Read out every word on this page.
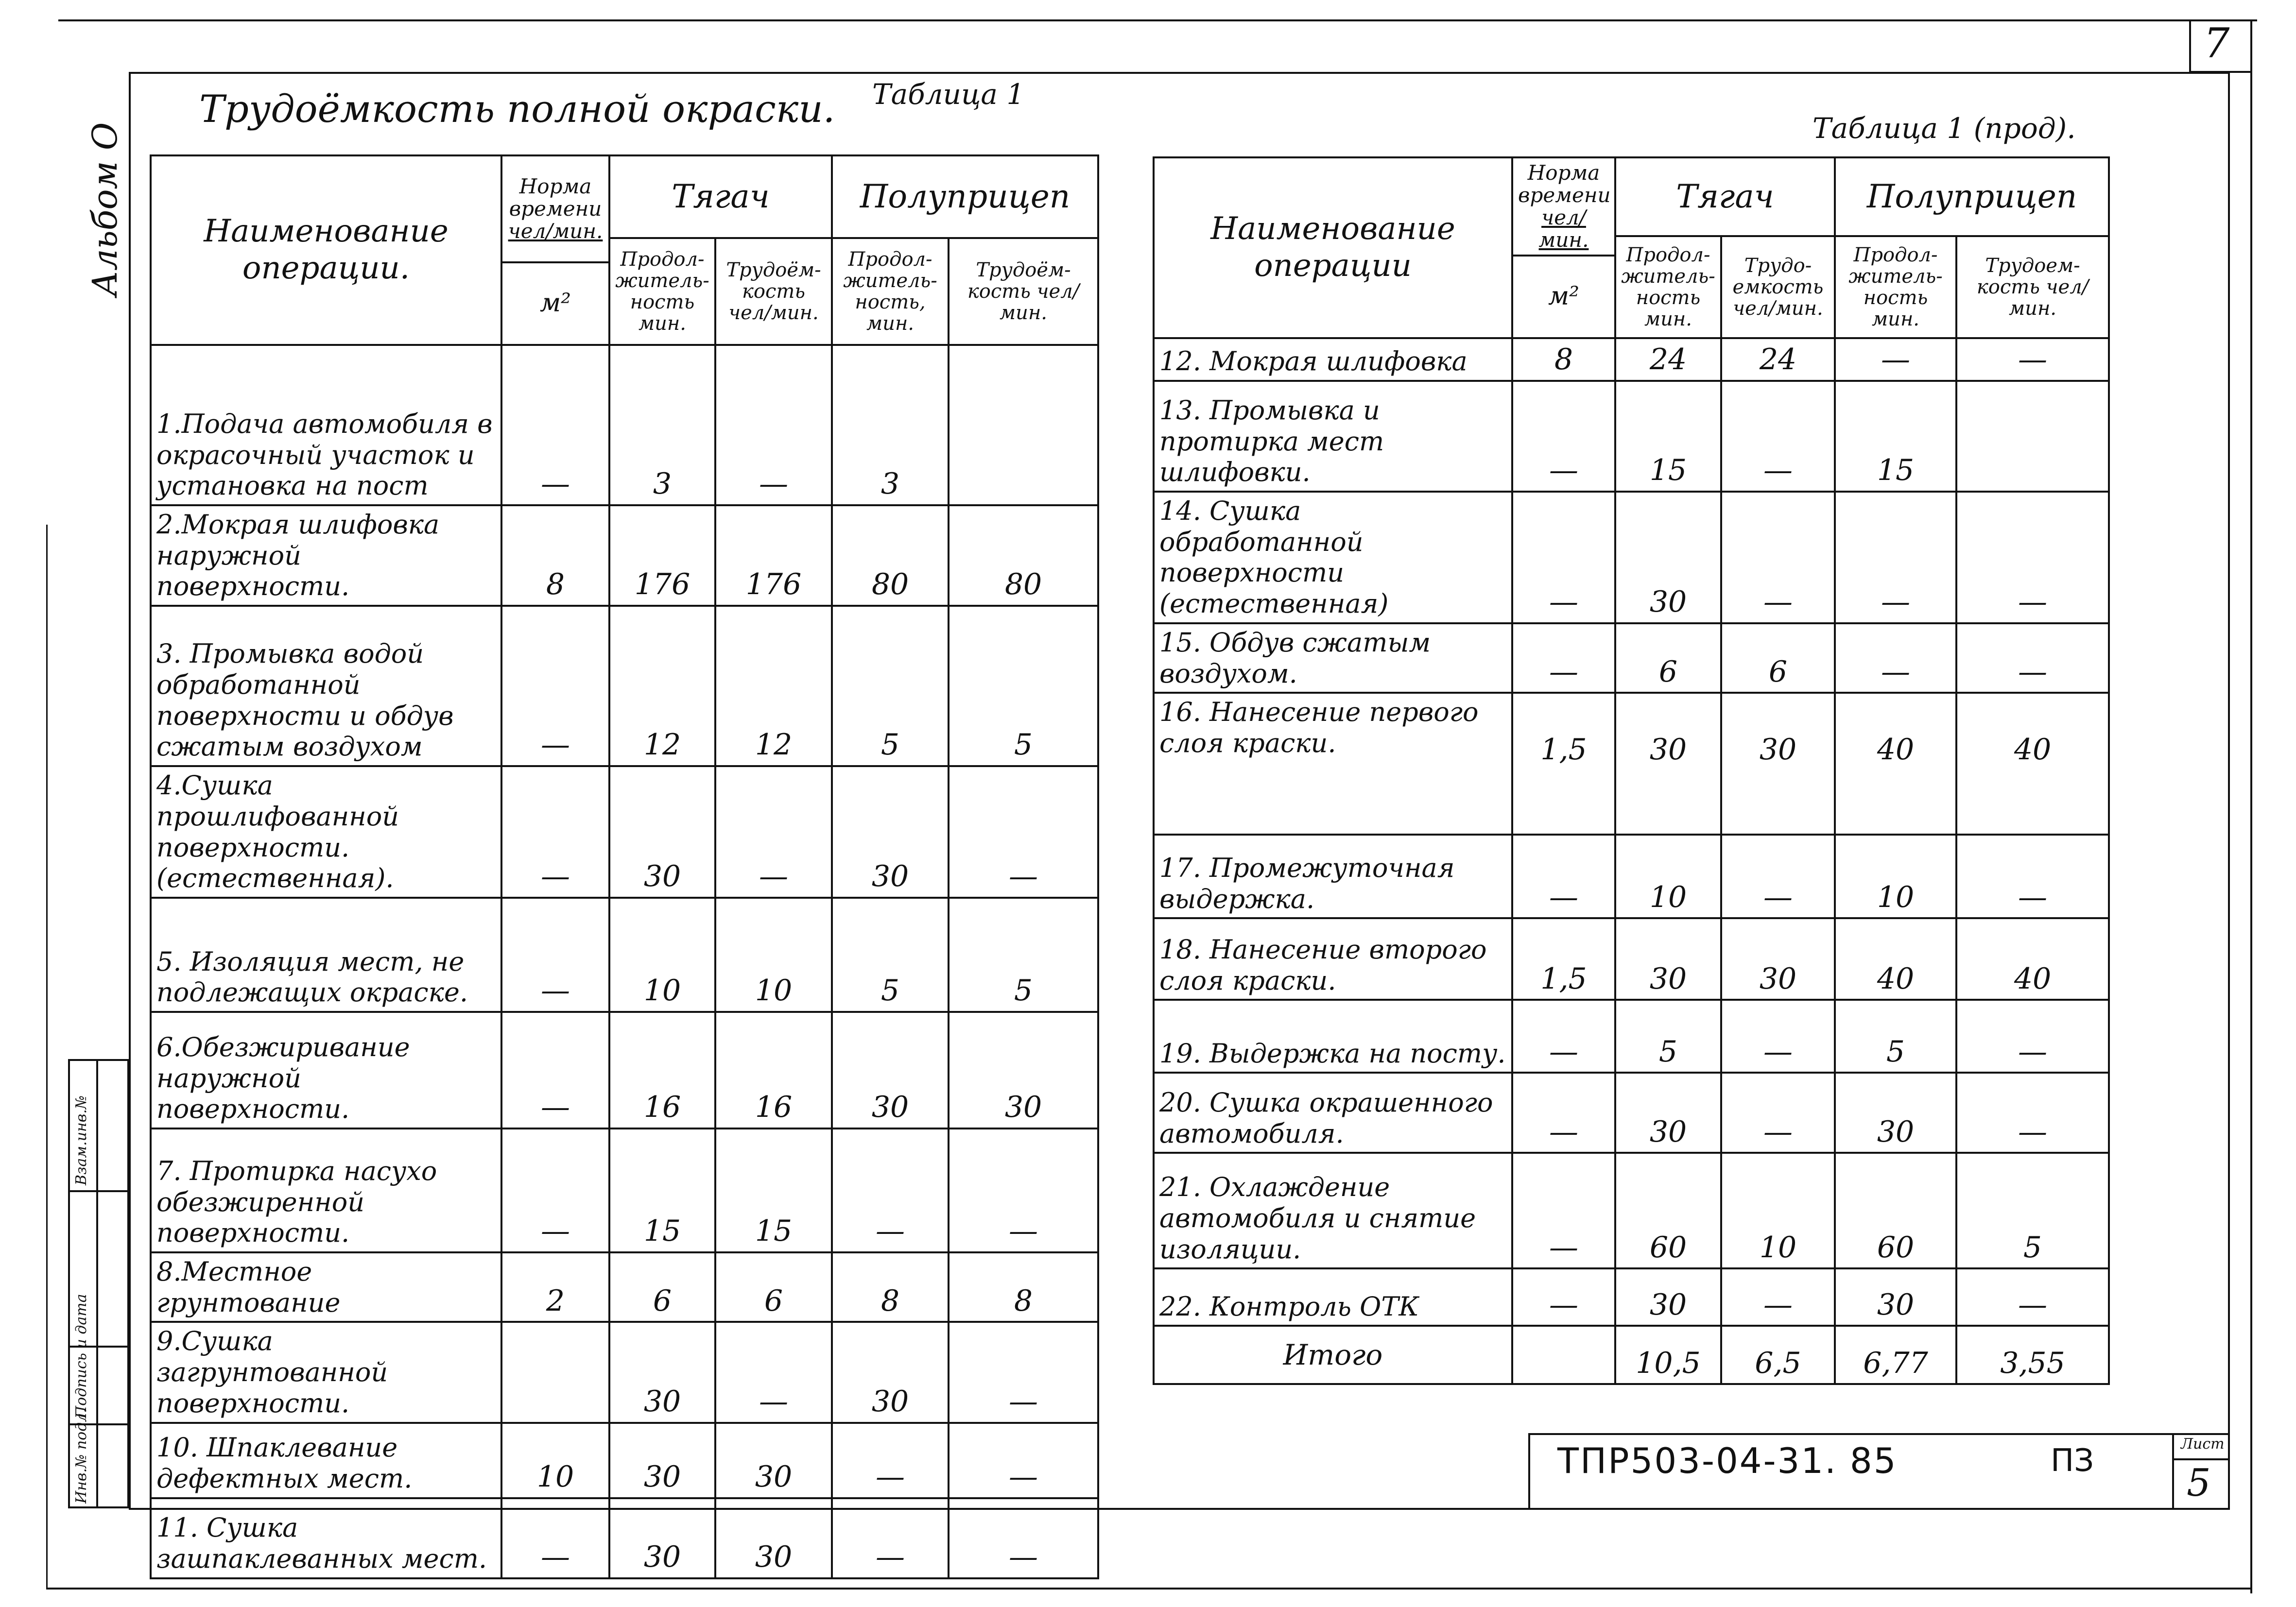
7
Альбом О
Инв.№ подл.
Подпись и дата
Взам.инв.№
Трудоёмкость полной окраски. Таблица 1
Таблица 1 (прод).
Наименование операции.	Норма времени
чел/мин.	Тягач		Полуприцеп	
		Продол-житель-ность мин.	Трудоём-кость чел/мин.	Продол-житель-ность, мин.	Трудоём-кость чел/мин.
	м²				
1.Подача автомобиля в окрасочный участок и установка на пост	—	3	—	3	
2.Мокрая шлифовка наружной поверхности.	8	176	176	80	80
3. Промывка водой обработанной поверхности и обдув сжатым воздухом	—	12	12	5	5
4.Сушка прошлифованной поверхности. (естественная).	—	30	—	30	—
5. Изоляция мест, не подлежащих окраске.	—	10	10	5	5
6.Обезжиривание наружной поверхности.	—	16	16	30	30
7. Протирка насухо обезжиренной поверхности.	—	15	15	—	—
8.Местное грунтование	2	6	6	8	8
9.Сушка загрунтованной поверхности.		30	—	30	—
10. Шпаклевание дефектных мест.	10	30	30	—	—
11. Сушка зашпаклеванных мест.	—	30	30	—	—
Наименование операции	Норма времени
чел/мин.	Тягач		Полуприцеп	
		Продол-житель-ность мин.	Трудо-емкость чел/мин.	Продол-житель-ность мин.	Трудоем-кость чел/мин.
	м²				
12. Мокрая шлифовка	8	24	24	—	—
13. Промывка и протирка мест шлифовки.	—	15	—	15	
14. Сушка обработанной поверхности (естественная)	—	30	—	—	—
15. Обдув сжатым воздухом.	—	6	6	—	—
16. Нанесение первого слоя краски.	1,5	30	30	40	40
17. Промежуточная выдержка.	—	10	—	10	—
18. Нанесение второго слоя краски.	1,5	30	30	40	40
19. Выдержка на посту.	—	5	—	5	—
20. Сушка окрашенного автомобиля.	—	30	—	30	—
21. Охлаждение автомобиля и снятие изоляции.	—	60	10	60	5
22. Контроль ОТК	—	30	—	30	—
Итого		10,5	6,5	6,77	3,55
ТПР503-04-31. 85	ПЗ	Лист
5
